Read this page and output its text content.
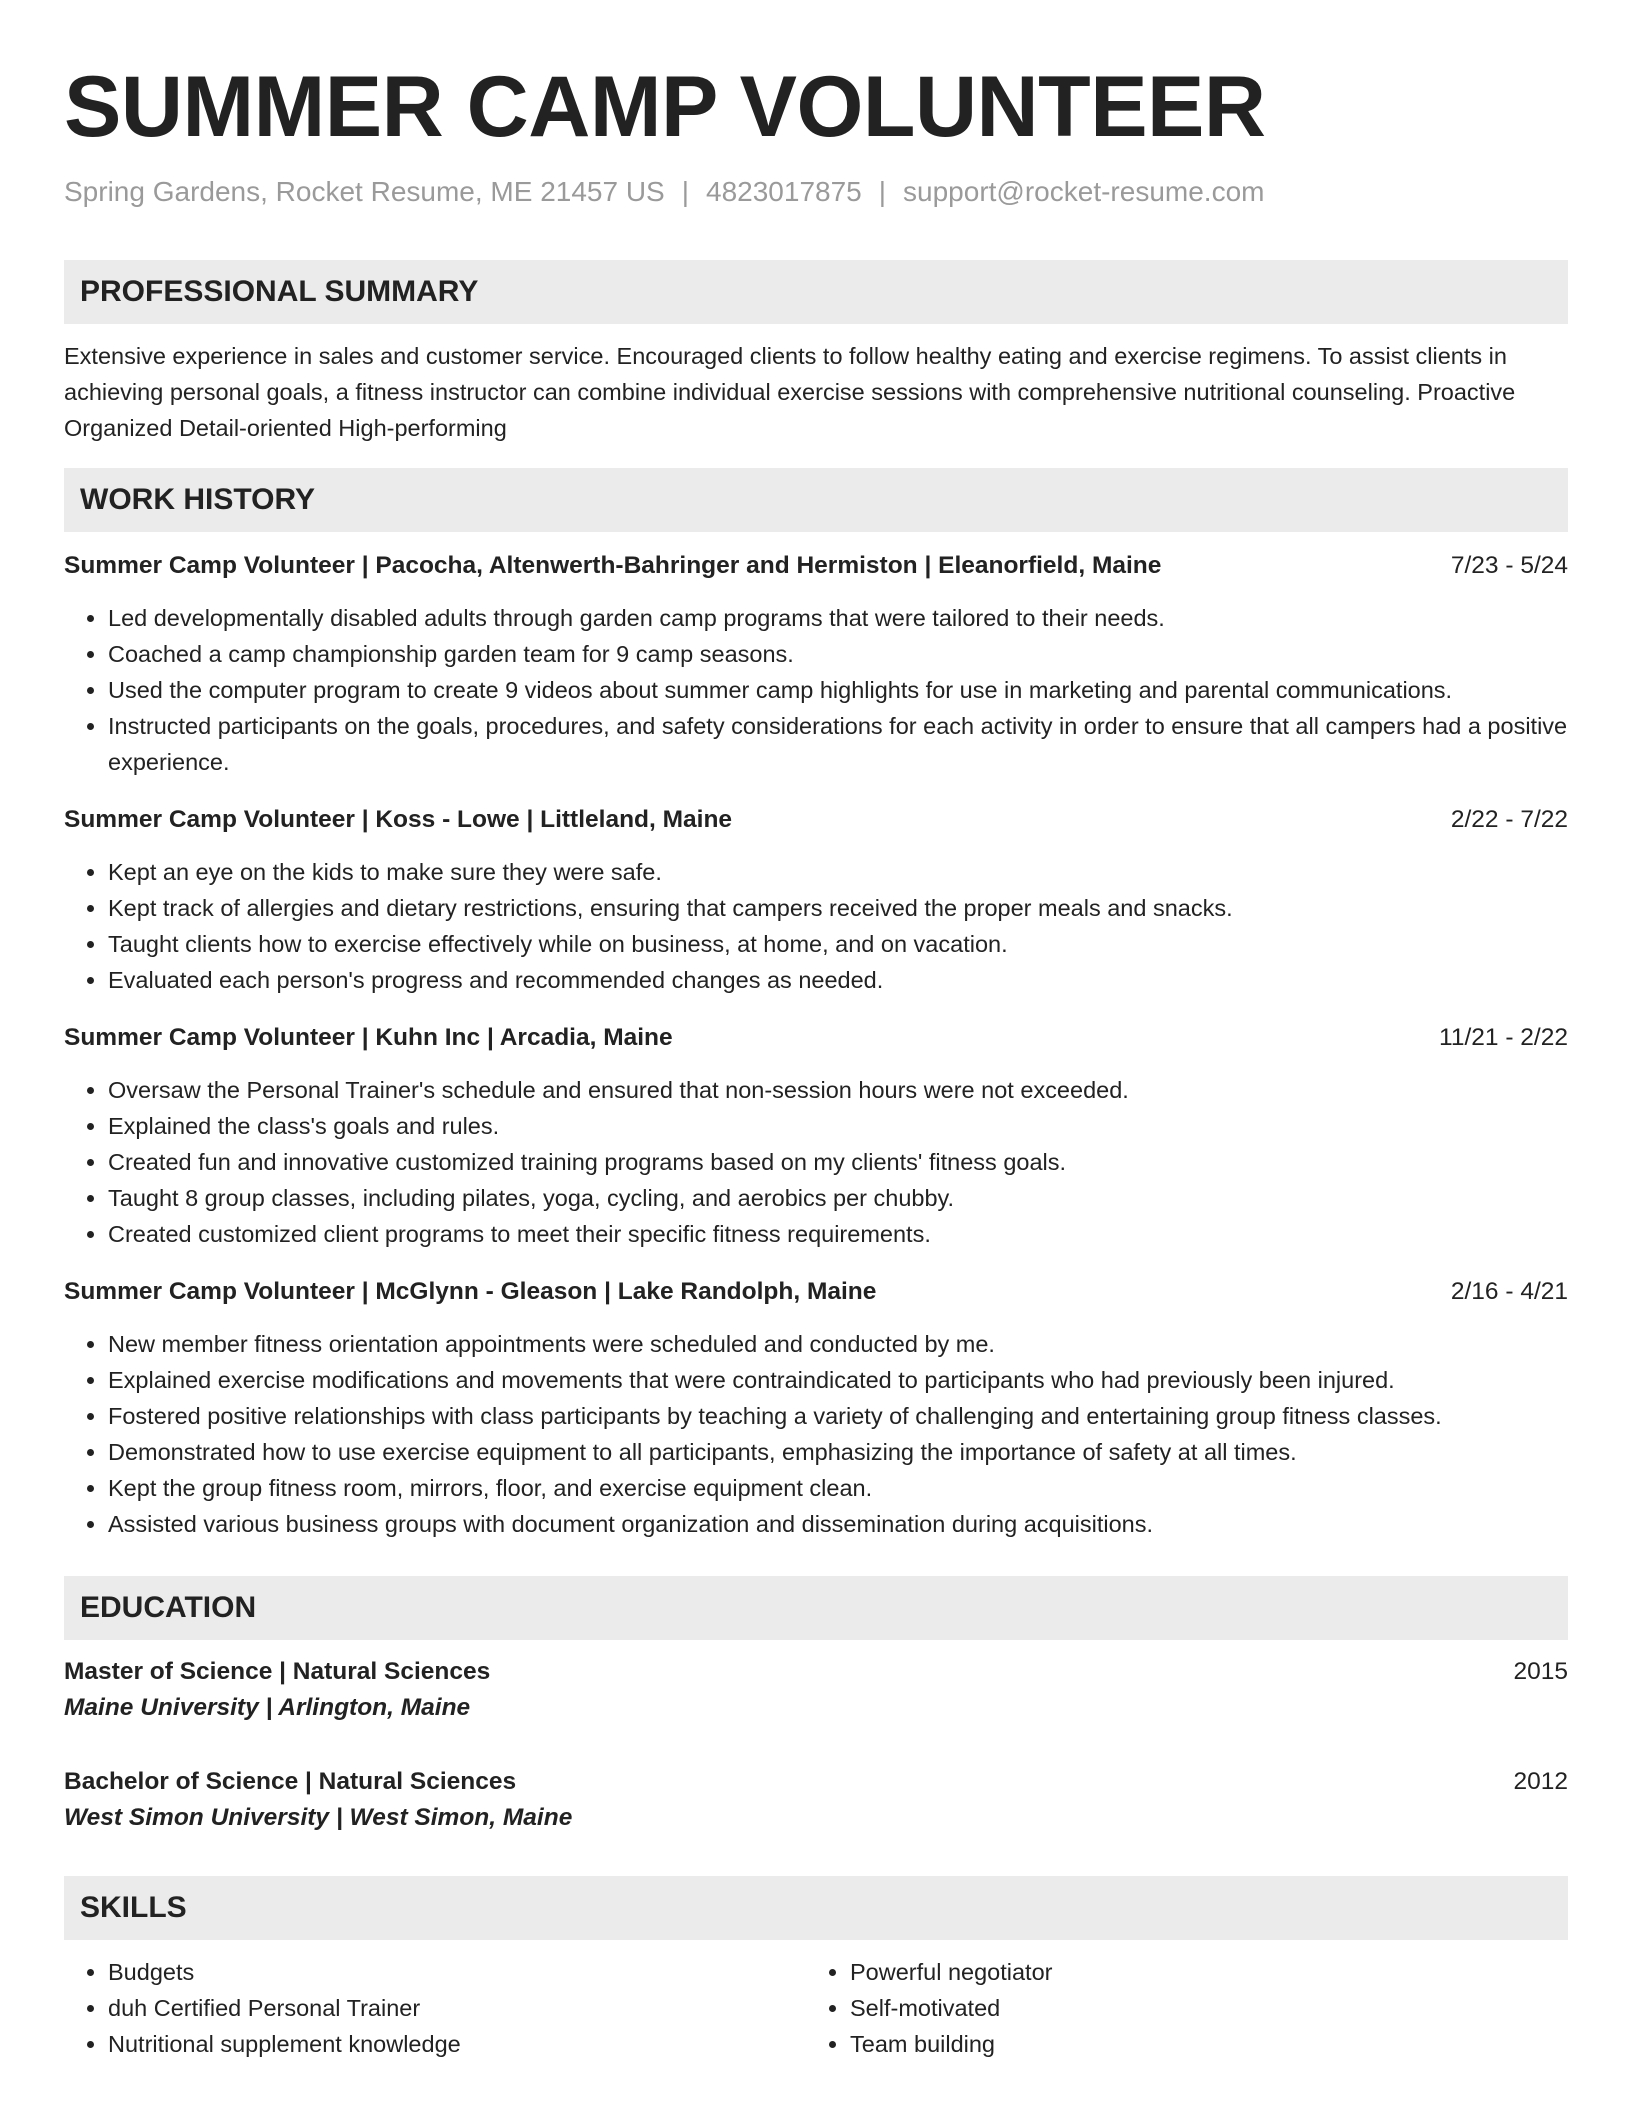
SUMMER CAMP VOLUNTEER
Spring Gardens, Rocket Resume, ME 21457 US | 4823017875 | support@rocket-resume.com
PROFESSIONAL SUMMARY

Extensive experience in sales and customer service. Encouraged clients to follow healthy eating and exercise regimens. To assist clients in achieving personal goals, a fitness instructor can combine individual exercise sessions with comprehensive nutritional counseling. Proactive Organized Detail-oriented High-performing

WORK HISTORY
Summer Camp Volunteer | Pacocha, Altenwerth-Bahringer and Hermiston | Eleanorfield, Maine	7/23 - 5/24
• Led developmentally disabled adults through garden camp programs that were tailored to their needs.
• Coached a camp championship garden team for 9 camp seasons.
• Used the computer program to create 9 videos about summer camp highlights for use in marketing and parental communications.
• Instructed participants on the goals, procedures, and safety considerations for each activity in order to ensure that all campers had a positive experience.
Summer Camp Volunteer | Koss - Lowe | Littleland, Maine	2/22 - 7/22
• Kept an eye on the kids to make sure they were safe.
• Kept track of allergies and dietary restrictions, ensuring that campers received the proper meals and snacks.
• Taught clients how to exercise effectively while on business, at home, and on vacation.
• Evaluated each person's progress and recommended changes as needed.
Summer Camp Volunteer | Kuhn Inc | Arcadia, Maine	11/21 - 2/22
• Oversaw the Personal Trainer's schedule and ensured that non-session hours were not exceeded.
• Explained the class's goals and rules.
• Created fun and innovative customized training programs based on my clients' fitness goals.
• Taught 8 group classes, including pilates, yoga, cycling, and aerobics per chubby.
• Created customized client programs to meet their specific fitness requirements.
Summer Camp Volunteer | McGlynn - Gleason | Lake Randolph, Maine	2/16 - 4/21
• New member fitness orientation appointments were scheduled and conducted by me.
• Explained exercise modifications and movements that were contraindicated to participants who had previously been injured.
• Fostered positive relationships with class participants by teaching a variety of challenging and entertaining group fitness classes.
• Demonstrated how to use exercise equipment to all participants, emphasizing the importance of safety at all times.
• Kept the group fitness room, mirrors, floor, and exercise equipment clean.
• Assisted various business groups with document organization and dissemination during acquisitions.
EDUCATION
Master of Science | Natural Sciences	2015
Maine University | Arlington, Maine
Bachelor of Science | Natural Sciences	2012
West Simon University | West Simon, Maine
SKILLS
• Budgets
• duh Certified Personal Trainer
• Nutritional supplement knowledge
• Powerful negotiator
• Self-motivated
• Team building
